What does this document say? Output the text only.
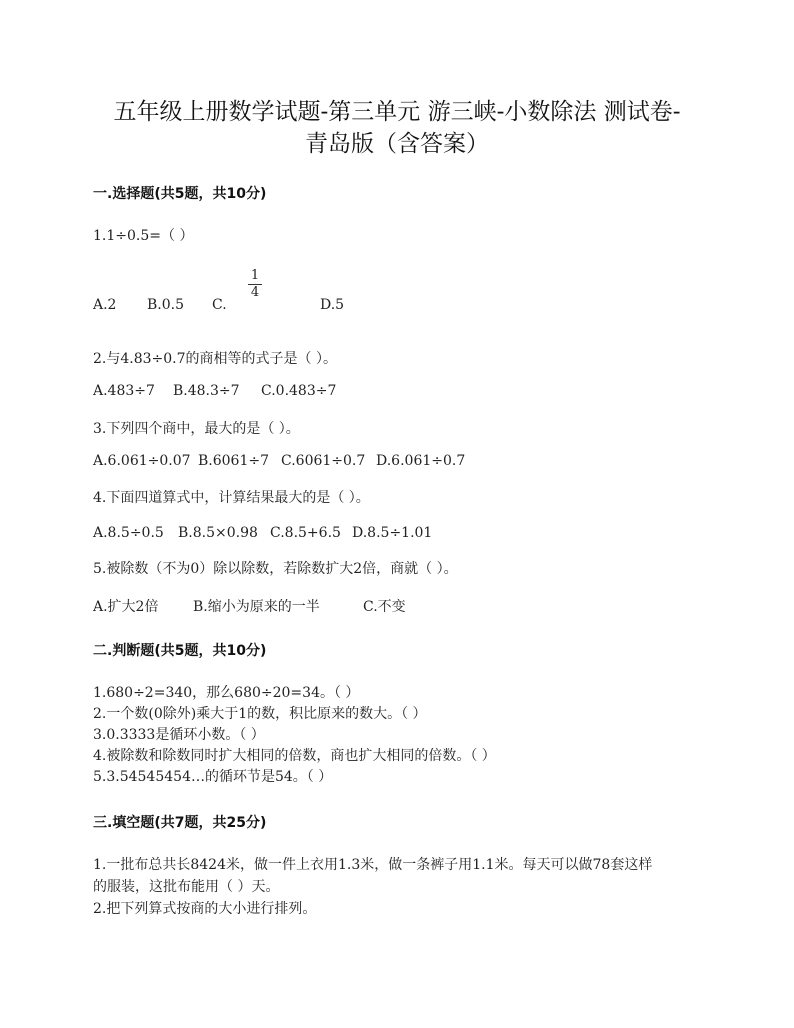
五年级上册数学试题-第三单元 游三峡-小数除法 测试卷-
青岛版（含答案）
一.选择题(共5题，共10分)
1.1÷0.5=（ ）
A.2 B.0.5 C.
1
4
D.5
2.与4.83÷0.7的商相等的式子是（ ）。
A.483÷7 B.48.3÷7 C.0.483÷7
3.下列四个商中，最大的是（ ）。
A.6.061÷0.07 B.6061÷7 C.6061÷0.7 D.6.061÷0.7
4.下面四道算式中，计算结果最大的是（ ）。
A.8.5÷0.5 B.8.5×0.98 C.8.5+6.5 D.8.5÷1.01
5.被除数（不为0）除以除数，若除数扩大2倍，商就（ ）。
A.扩大2倍 B.缩小为原来的一半	C.不变
二.判断题(共5题，共10分)
1.680÷2=340，那么680÷20=34。（ ）
2.一个数(0除外)乘大于1的数，积比原来的数大。（ ）
3.0.3333是循环小数。（ ）
4.被除数和除数同时扩大相同的倍数，商也扩大相同的倍数。（ ）
5.3.54545454…的循环节是54。（ ）
三.填空题(共7题，共25分)
1.一批布总共长8424米，做一件上衣用1.3米，做一条裤子用1.1米。每天可以做78套这样
的服装，这批布能用（ ）天。
2.把下列算式按商的大小进行排列。
